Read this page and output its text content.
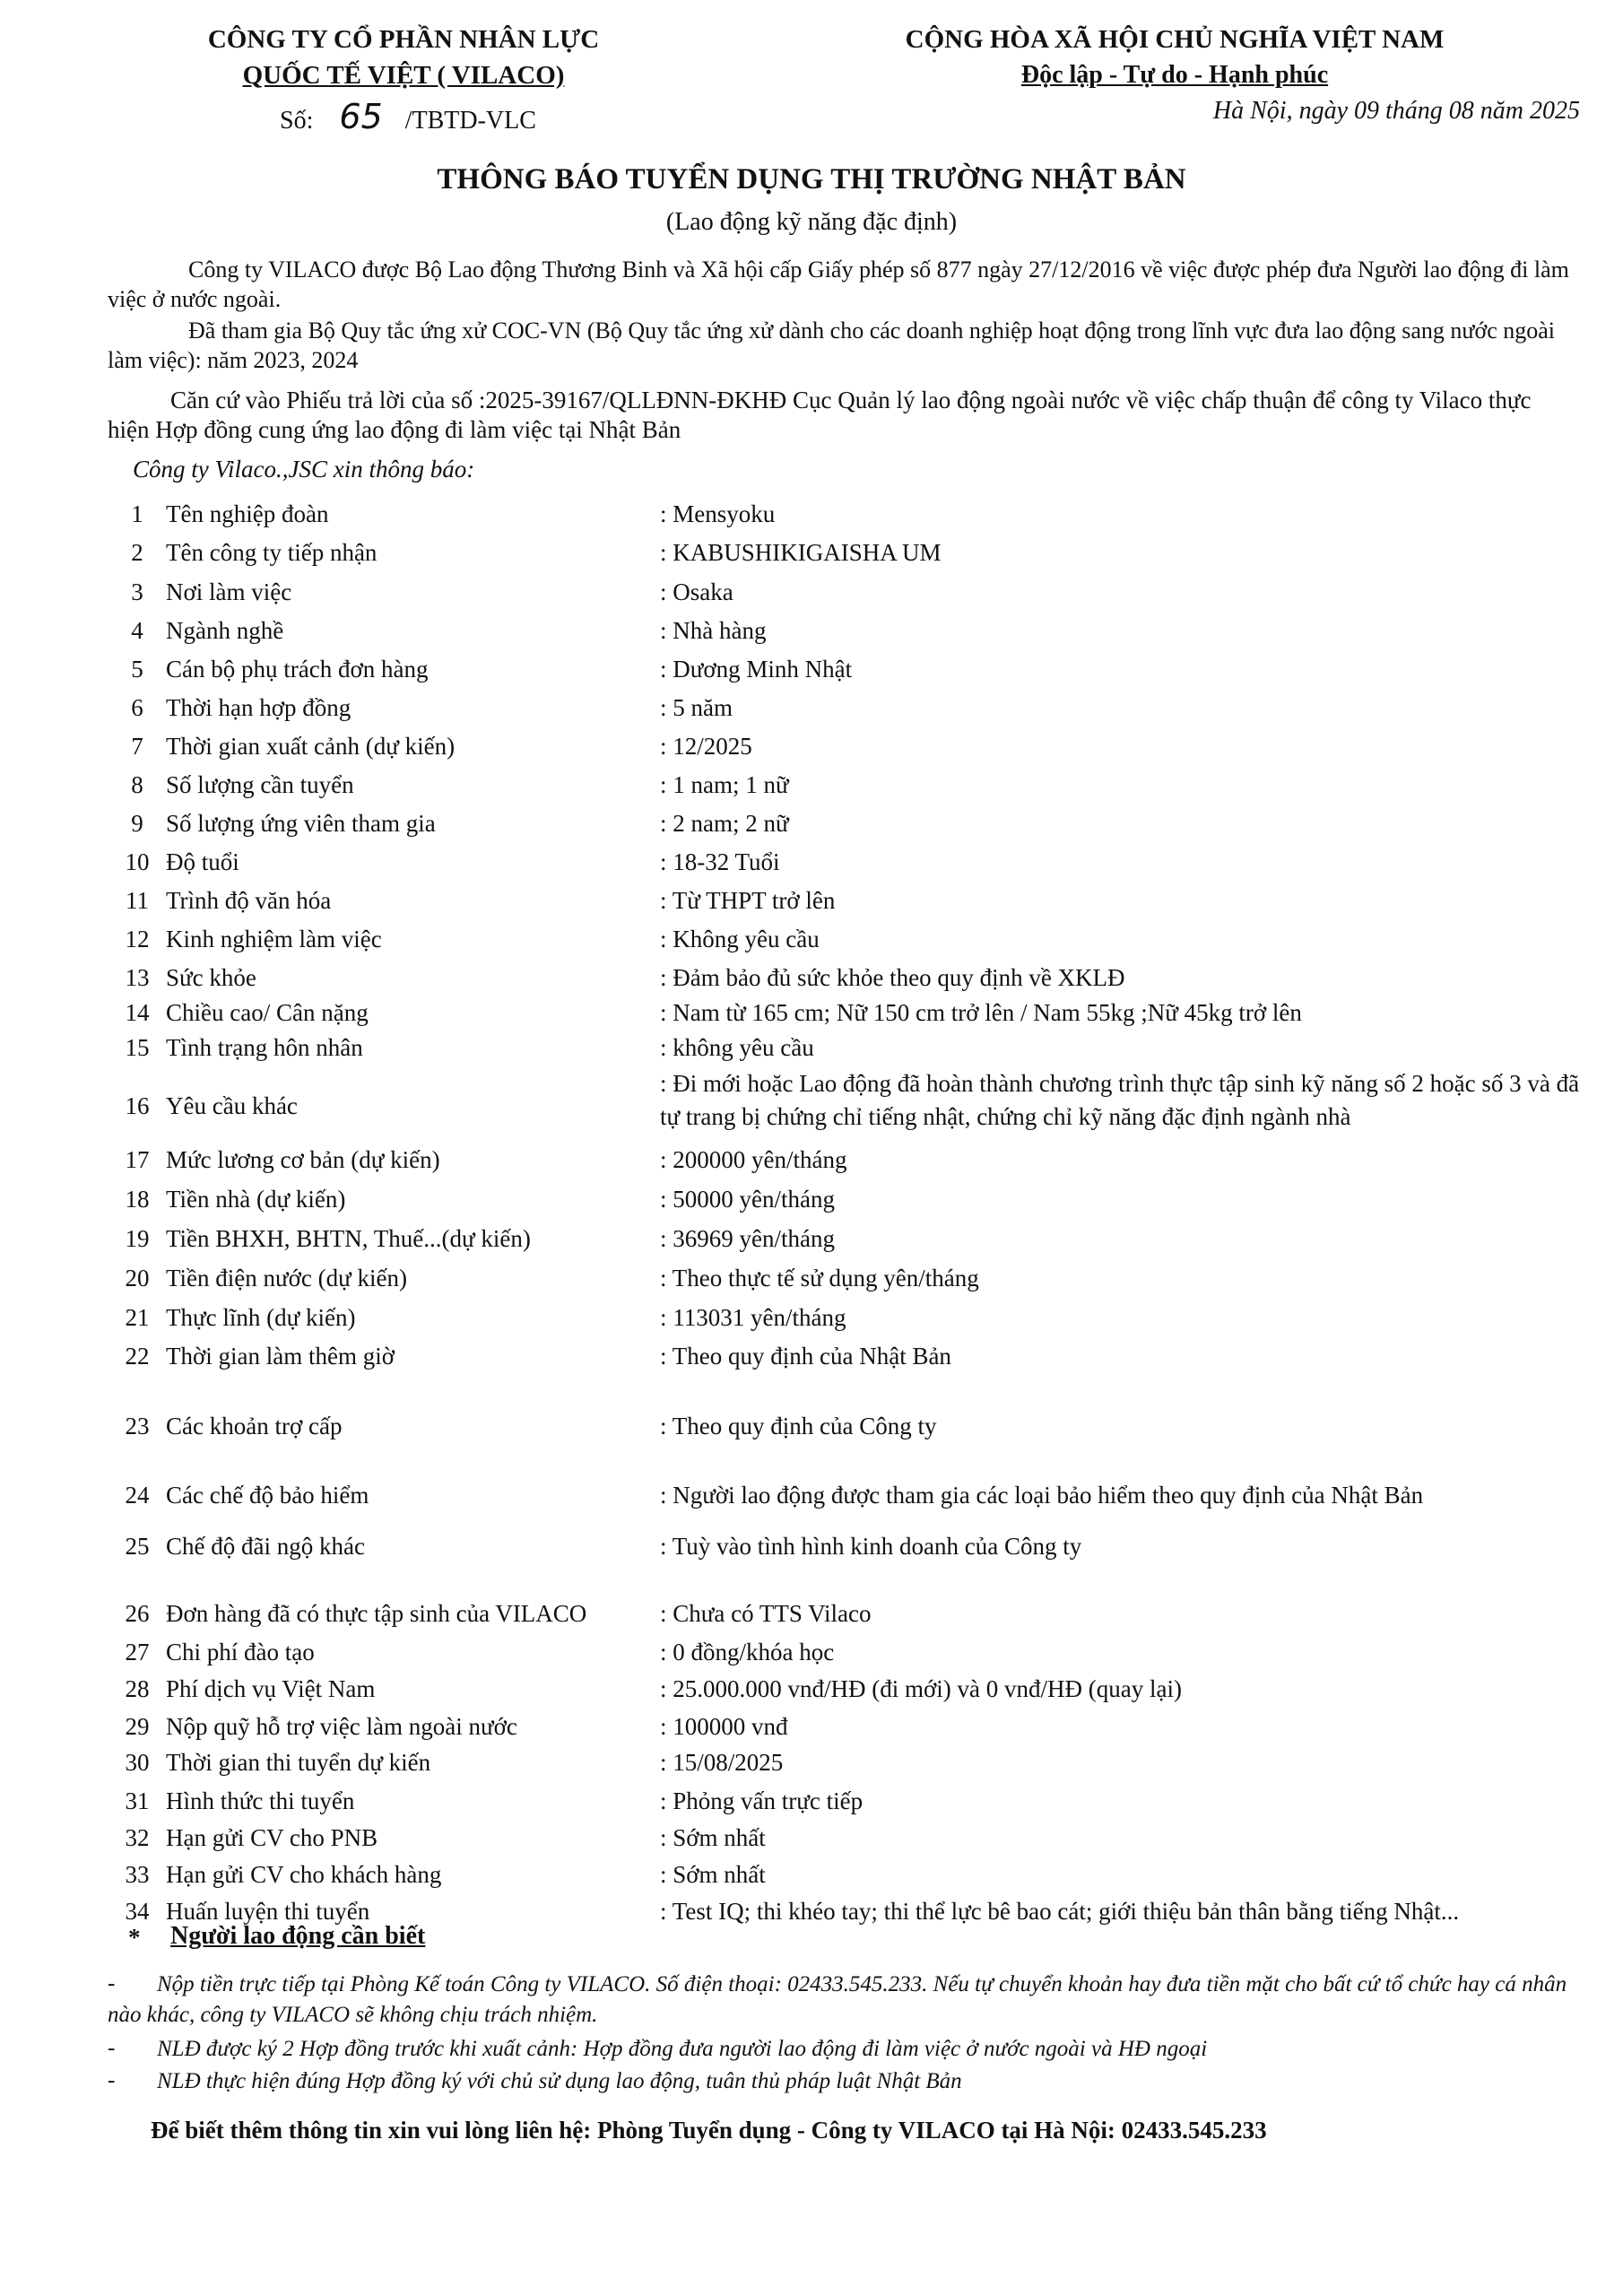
CÔNG TY CỔ PHẦN NHÂN LỰC
QUỐC TẾ VIỆT ( VILACO)
Số: 65 /TBTD-VLC
CỘNG HÒA XÃ HỘI CHỦ NGHĨA VIỆT NAM
Độc lập - Tự do - Hạnh phúc
Hà Nội, ngày 09 tháng 08 năm 2025
THÔNG BÁO TUYỂN DỤNG THỊ TRƯỜNG NHẬT BẢN
(Lao động kỹ năng đặc định)
Công ty VILACO được Bộ Lao động Thương Binh và Xã hội cấp Giấy phép số 877 ngày 27/12/2016 về việc được phép đưa Người lao động đi làm việc ở nước ngoài.
Đã tham gia Bộ Quy tắc ứng xử COC-VN (Bộ Quy tắc ứng xử dành cho các doanh nghiệp hoạt động trong lĩnh vực đưa lao động sang nước ngoài làm việc): năm 2023, 2024
Căn cứ vào Phiếu trả lời của số :2025-39167/QLLĐNN-ĐKHĐ Cục Quản lý lao động ngoài nước về việc chấp thuận để công ty Vilaco thực hiện Hợp đồng cung ứng lao động đi làm việc tại Nhật Bản
Công ty Vilaco.,JSC xin thông báo:
1 Tên nghiệp đoàn	: Mensyoku
2 Tên công ty tiếp nhận	: KABUSHIKIGAISHA UM
3 Nơi làm việc	: Osaka
4 Ngành nghề	: Nhà hàng
5 Cán bộ phụ trách đơn hàng	: Dương Minh Nhật
6 Thời hạn hợp đồng	: 5 năm
7 Thời gian xuất cảnh (dự kiến)	: 12/2025
8 Số lượng cần tuyển	: 1 nam; 1 nữ
9 Số lượng ứng viên tham gia	: 2 nam; 2 nữ
10 Độ tuổi	: 18-32 Tuổi
11 Trình độ văn hóa	: Từ THPT trở lên
12 Kinh nghiệm làm việc	: Không yêu cầu
13 Sức khỏe	: Đảm bảo đủ sức khỏe theo quy định về XKLĐ
14 Chiều cao/ Cân nặng	: Nam từ 165 cm; Nữ 150 cm trở lên / Nam 55kg ;Nữ 45kg trở lên
15 Tình trạng hôn nhân	: không yêu cầu
16 Yêu cầu khác
: Đi mới hoặc Lao động đã hoàn thành chương trình thực tập sinh kỹ năng số 2 hoặc số 3 và đã tự trang bị chứng chỉ tiếng nhật, chứng chỉ kỹ năng đặc định ngành nhà
17 Mức lương cơ bản (dự kiến)	: 200000 yên/tháng
18 Tiền nhà (dự kiến)	: 50000 yên/tháng
19 Tiền BHXH, BHTN, Thuế...(dự kiến)	: 36969 yên/tháng
20 Tiền điện nước (dự kiến)	: Theo thực tế sử dụng yên/tháng
21 Thực lĩnh (dự kiến)	: 113031 yên/tháng
22 Thời gian làm thêm giờ	: Theo quy định của Nhật Bản
23 Các khoản trợ cấp	: Theo quy định của Công ty
24 Các chế độ bảo hiểm	: Người lao động được tham gia các loại bảo hiểm theo quy định của Nhật Bản
25 Chế độ đãi ngộ khác	: Tuỳ vào tình hình kinh doanh của Công ty
26 Đơn hàng đã có thực tập sinh của VILACO	: Chưa có TTS Vilaco
27 Chi phí đào tạo	: 0 đồng/khóa học
28 Phí dịch vụ Việt Nam	: 25.000.000 vnđ/HĐ (đi mới) và 0 vnđ/HĐ (quay lại)
29 Nộp quỹ hỗ trợ việc làm ngoài nước	: 100000 vnđ
30 Thời gian thi tuyển dự kiến	: 15/08/2025
31 Hình thức thi tuyển	: Phỏng vấn trực tiếp
32 Hạn gửi CV cho PNB	: Sớm nhất
33 Hạn gửi CV cho khách hàng	: Sớm nhất
34 Huấn luyện thi tuyển	: Test IQ; thi khéo tay; thi thể lực bê bao cát; giới thiệu bản thân bằng tiếng Nhật...
* Người lao động cần biết
-	Nộp tiền trực tiếp tại Phòng Kế toán Công ty VILACO. Số điện thoại: 02433.545.233. Nếu tự chuyển khoản hay đưa tiền mặt cho bất cứ tổ chức hay cá nhân nào khác, công ty VILACO sẽ không chịu trách nhiệm.
- NLĐ được ký 2 Hợp đồng trước khi xuất cảnh: Hợp đồng đưa người lao động đi làm việc ở nước ngoài và HĐ ngoại
- NLĐ thực hiện đúng Hợp đồng ký với chủ sử dụng lao động, tuân thủ pháp luật Nhật Bản
Để biết thêm thông tin xin vui lòng liên hệ: Phòng Tuyển dụng - Công ty VILACO tại Hà Nội: 02433.545.233
